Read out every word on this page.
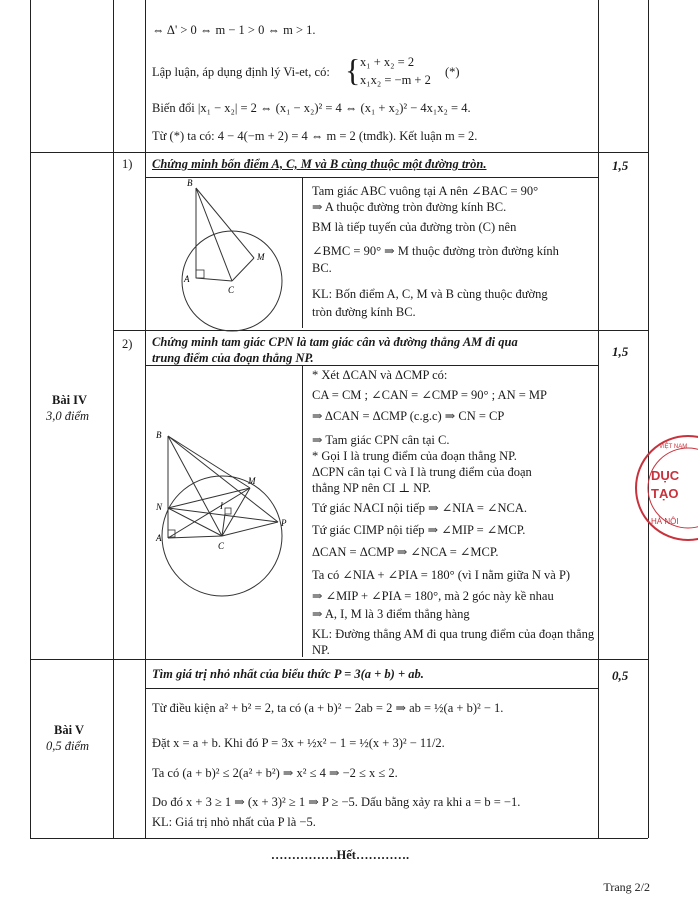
⇔ Δ' > 0 ⇔ m − 1 > 0 ⇔ m > 1.
Lập luận, áp dụng định lý Vi-et, có: { x₁ + x₂ = 2
x₁x₂ = −m + 2
(*)
Biến đổi |x₁ − x₂| = 2 ⇔ (x₁ − x₂)² = 4 ⇔ (x₁ + x₂)² − 4x₁x₂ = 4.
Từ (*) ta có: 4 − 4(−m + 2) = 4 ⇔ m = 2 (tmđk). Kết luận m = 2.
Bài IV
3,0 điểm
1) Chứng minh bốn điểm A, C, M và B cùng thuộc một đường tròn.	1,5
B
A
C
M
Tam giác ABC vuông tại A nên ∠BAC = 90°
⇒ A thuộc đường tròn đường kính BC.
BM là tiếp tuyến của đường tròn (C) nên
∠BMC = 90° ⇒ M thuộc đường tròn đường kính
BC.
KL: Bốn điểm A, C, M và B cùng thuộc đường
tròn đường kính BC.
2) Chứng minh tam giác CPN là tam giác cân và đường thẳng AM đi qua
trung điểm của đoạn thẳng NP.	1,5
B
N
A
C
I
M
P
* Xét ΔCAN và ΔCMP có:
CA = CM ; ∠CAN = ∠CMP = 90° ; AN = MP
⇒ ΔCAN = ΔCMP (c.g.c) ⇒ CN = CP
⇒ Tam giác CPN cân tại C.
* Gọi I là trung điểm của đoạn thẳng NP.
ΔCPN cân tại C và I là trung điểm của đoạn
thẳng NP nên CI ⊥ NP.
Tứ giác NACI nội tiếp ⇒ ∠NIA = ∠NCA.
Tứ giác CIMP nội tiếp ⇒ ∠MIP = ∠MCP.
ΔCAN = ΔCMP ⇒ ∠NCA = ∠MCP.
Ta có ∠NIA + ∠PIA = 180° (vì I nằm giữa N và P)
⇒ ∠MIP + ∠PIA = 180°, mà 2 góc này kề nhau
⇒ A, I, M là 3 điểm thẳng hàng
KL: Đường thẳng AM đi qua trung điểm của đoạn thẳng
NP.
Bài V
0,5 điểm
Tìm giá trị nhỏ nhất của biểu thức P = 3(a + b) + ab.	0,5
Từ điều kiện a² + b² = 2, ta có (a + b)² − 2ab = 2 ⇒ ab = ½(a + b)² − 1.
Đặt x = a + b. Khi đó P = 3x + ½x² − 1 = ½(x + 3)² − 11/2.
Ta có (a + b)² ≤ 2(a² + b²) ⇒ x² ≤ 4 ⇒ −2 ≤ x ≤ 2.
Do đó x + 3 ≥ 1 ⇒ (x + 3)² ≥ 1 ⇒ P ≥ −5. Dấu bằng xảy ra khi a = b = −1.
KL: Giá trị nhỏ nhất của P là −5.
DỤC
TẠO
VIỆT NAM
HÀ NỘI
…………….Hết………….
Trang 2/2
